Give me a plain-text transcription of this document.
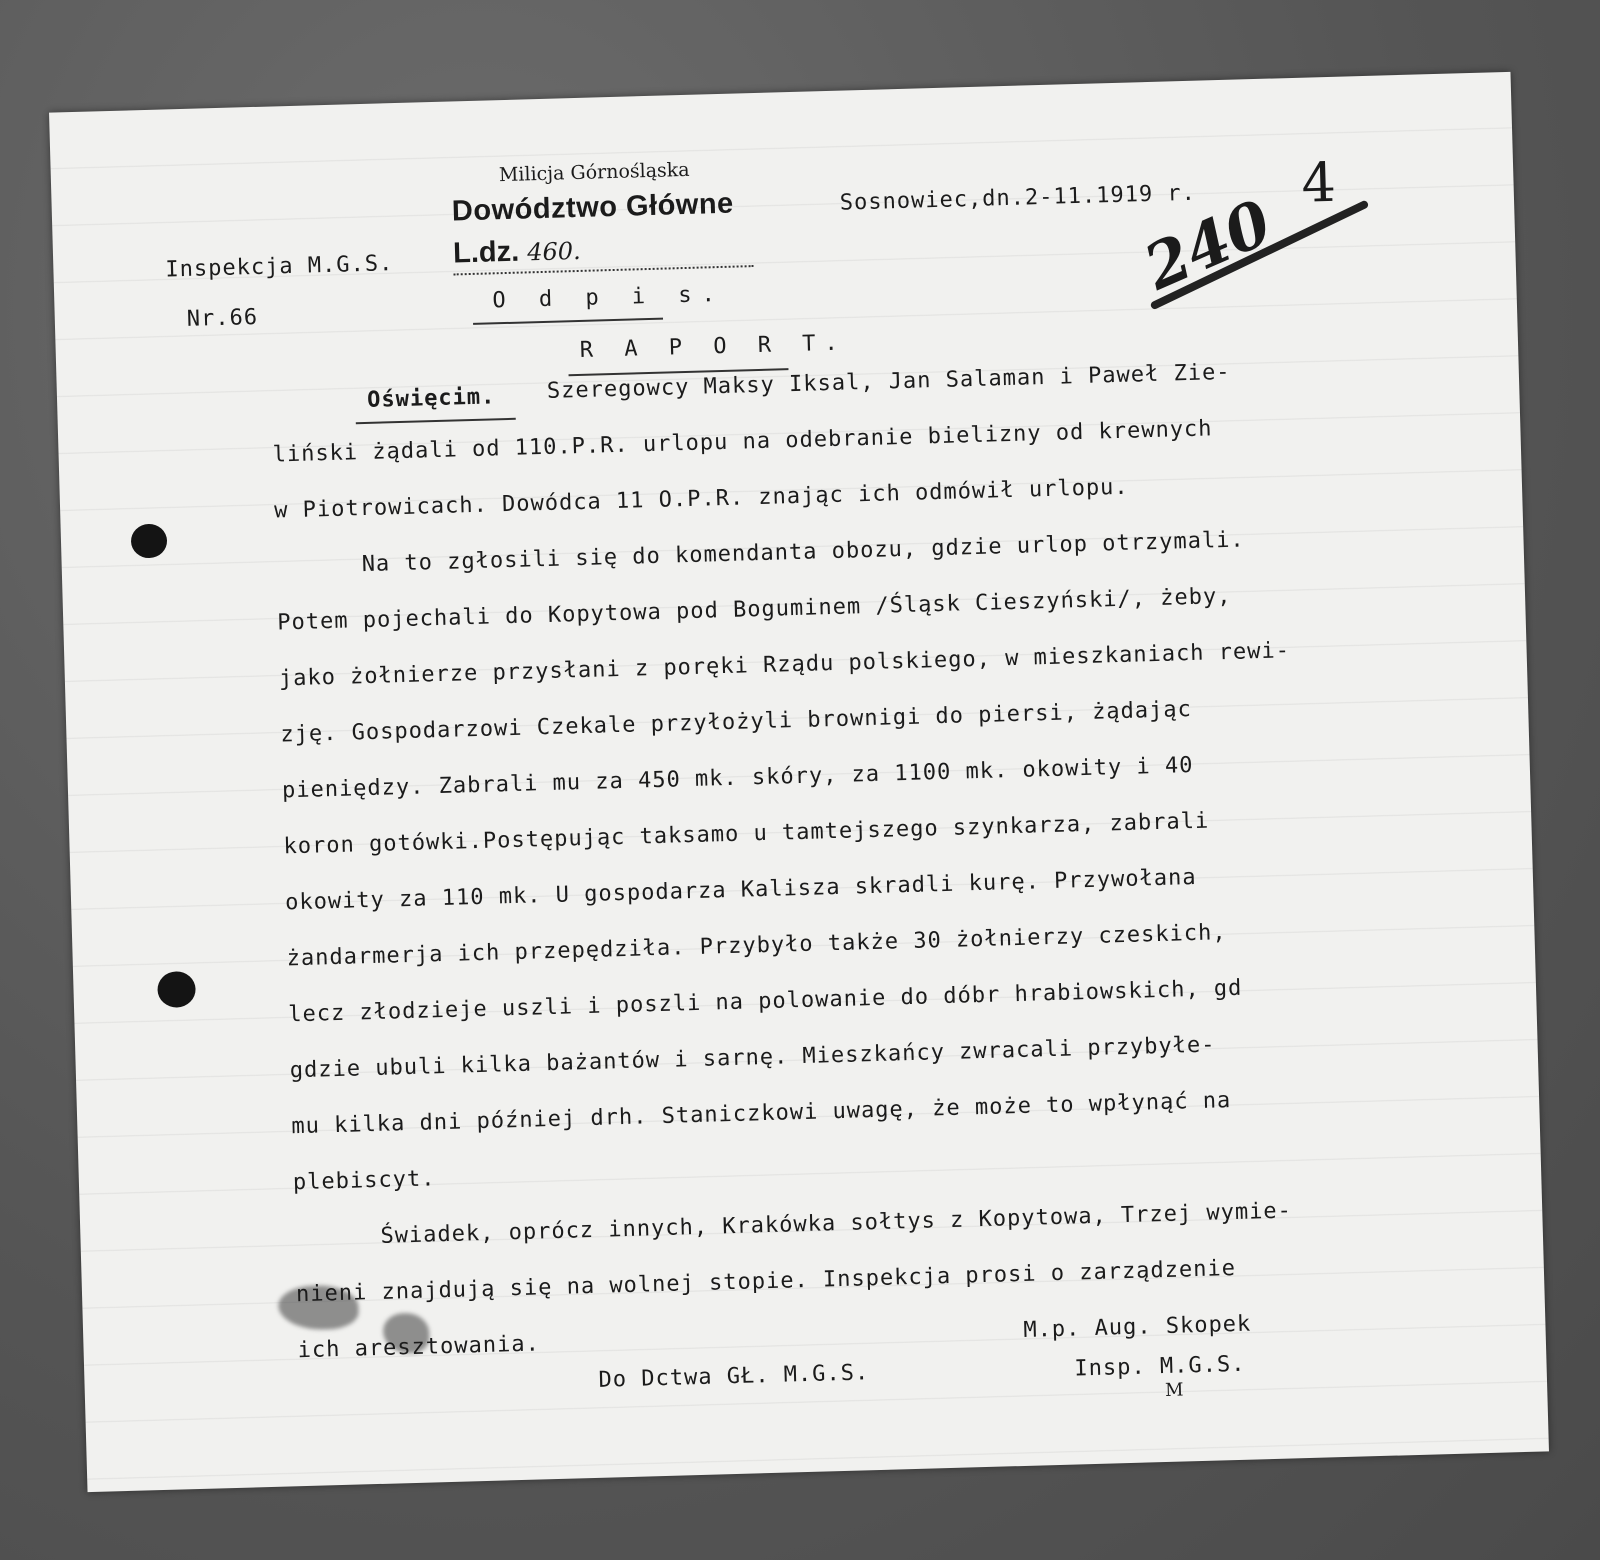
Milicja Górnośląska
Dowództwo Główne
L.dz. 460.
Inspekcja M.G.S.
Nr.66
Sosnowiec,dn.2-11.1919 r. 4
240
O d p i s.
R A P O R T.
Oświęcim. Szeregowcy Maksy Iksal, Jan Salaman i Paweł Zie-
liński żądali od 110.P.R. urlopu na odebranie bielizny od krewnych
w Piotrowicach. Dowódca 11 O.P.R. znając ich odmówił urlopu.
Na to zgłosili się do komendanta obozu, gdzie urlop otrzymali.
Potem pojechali do Kopytowa pod Boguminem /Śląsk Cieszyński/, żeby,
jako żołnierze przysłani z poręki Rządu polskiego, w mieszkaniach rewi-
zję. Gospodarzowi Czekale przyłożyli brownigi do piersi, żądając
pieniędzy. Zabrali mu za 450 mk. skóry, za 1100 mk. okowity i 40
koron gotówki.Postępując taksamo u tamtejszego szynkarza, zabrali
okowity za 110 mk. U gospodarza Kalisza skradli kurę. Przywołana
żandarmerja ich przepędziła. Przybyło także 30 żołnierzy czeskich,
lecz złodzieje uszli i poszli na polowanie do dóbr hrabiowskich, gd
gdzie ubuli kilka bażantów i sarnę. Mieszkańcy zwracali przybyłe-
mu kilka dni później drh. Staniczkowi uwagę, że może to wpłynąć na
plebiscyt.
Świadek, oprócz innych, Krakówka sołtys z Kopytowa, Trzej wymie-
nieni znajdują się na wolnej stopie. Inspekcja prosi o zarządzenie
ich aresztowania.
M.p. Aug. Skopek
Insp. M.G.S.
M
Do Dctwa GŁ. M.G.S.
